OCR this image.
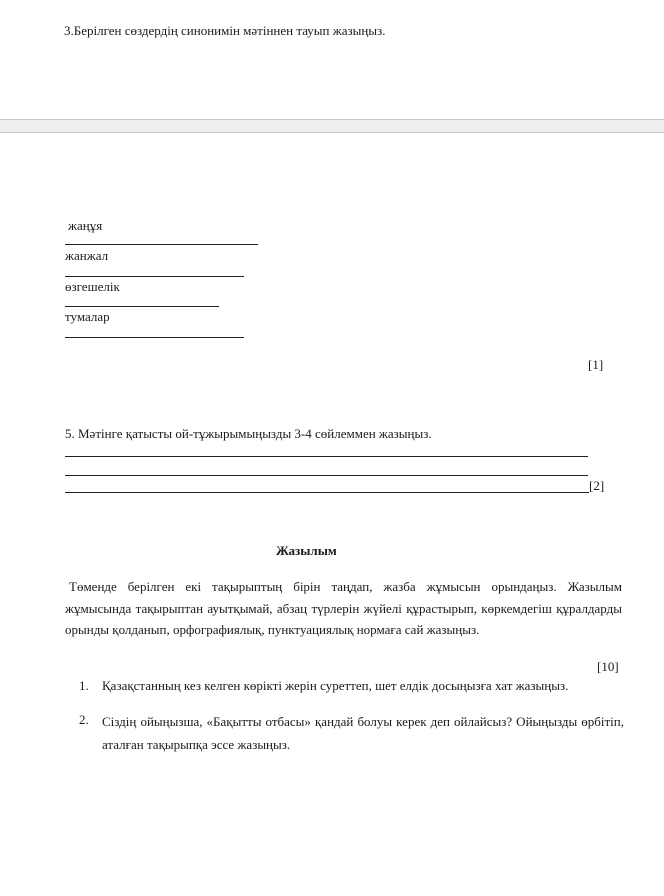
3.Берілген сөздердің синонимін мәтіннен тауып жазыңыз.
жаңұя
жанжал
өзгешелік
тумалар
[1]
5. Мәтінге қатысты ой-тұжырымыңызды 3-4 сөйлеммен жазыңыз.
[2]
Жазылым
Төменде берілген екі тақырыптың бірін таңдап, жазба жұмысын орындаңыз. Жазылым жұмысында тақырыптан ауытқымай, абзац түрлерін жүйелі құрастырып, көркемдегіш құралдарды орынды қолданып, орфографиялық, пунктуациялық нормаға сай жазыңыз.
[10]
1. Қазақстанның кез келген көрікті жерін суреттеп, шет елдік досыңызға хат жазыңыз.
2. Сіздің ойыңызша, «Бақытты отбасы» қандай болуы керек деп ойлайсыз? Ойыңызды өрбітіп, аталған тақырыпқа эссе жазыңыз.
